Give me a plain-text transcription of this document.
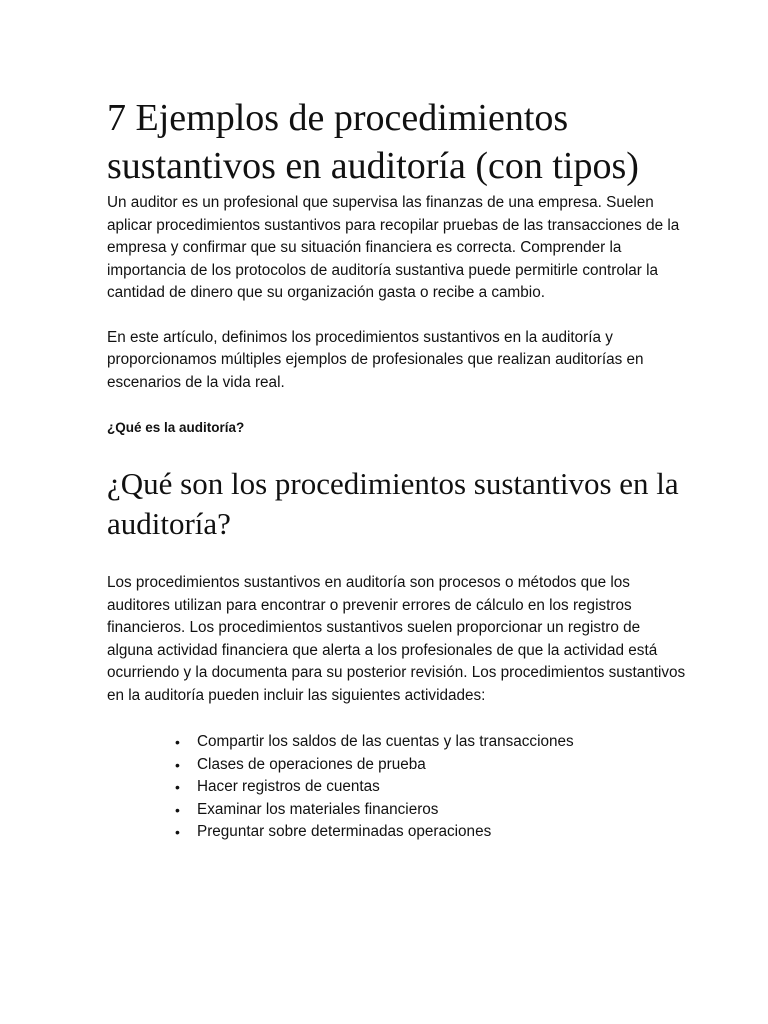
7 Ejemplos de procedimientos sustantivos en auditoría (con tipos)

Un auditor es un profesional que supervisa las finanzas de una empresa. Suelen aplicar procedimientos sustantivos para recopilar pruebas de las transacciones de la empresa y confirmar que su situación financiera es correcta. Comprender la importancia de los protocolos de auditoría sustantiva puede permitirle controlar la cantidad de dinero que su organización gasta o recibe a cambio.

En este artículo, definimos los procedimientos sustantivos en la auditoría y proporcionamos múltiples ejemplos de profesionales que realizan auditorías en escenarios de la vida real.

¿Qué es la auditoría?

¿Qué son los procedimientos sustantivos en la auditoría?

Los procedimientos sustantivos en auditoría son procesos o métodos que los auditores utilizan para encontrar o prevenir errores de cálculo en los registros financieros. Los procedimientos sustantivos suelen proporcionar un registro de alguna actividad financiera que alerta a los profesionales de que la actividad está ocurriendo y la documenta para su posterior revisión. Los procedimientos sustantivos en la auditoría pueden incluir las siguientes actividades:

• Compartir los saldos de las cuentas y las transacciones
• Clases de operaciones de prueba
• Hacer registros de cuentas
• Examinar los materiales financieros
• Preguntar sobre determinadas operaciones
